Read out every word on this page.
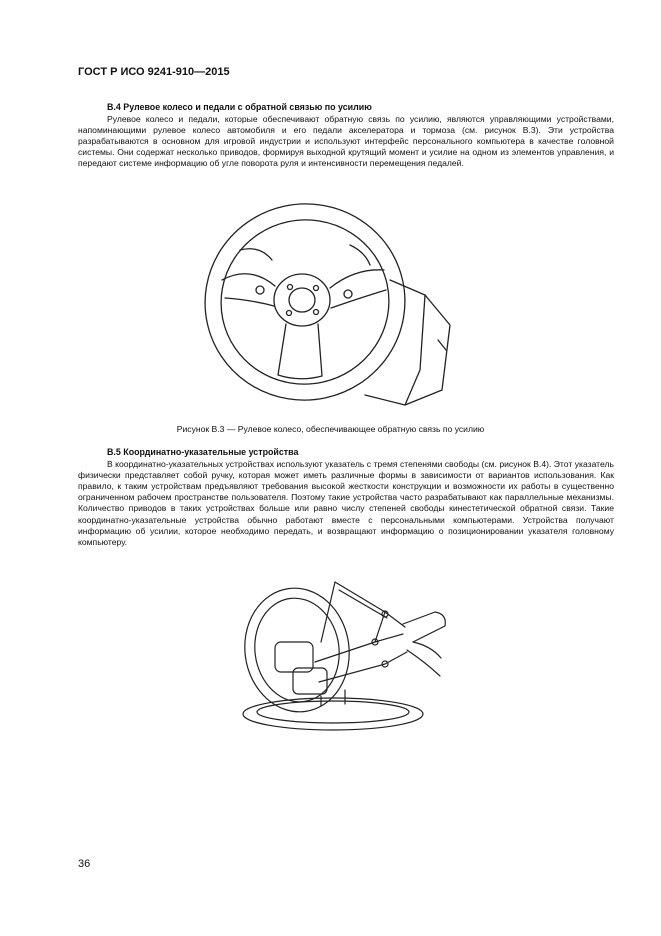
ГОСТ Р ИСО 9241-910—2015
В.4 Рулевое колесо и педали с обратной связью по усилию

Рулевое колесо и педали, которые обеспечивают обратную связь по усилию, являются управляющими устройствами, напоминающими рулевое колесо автомобиля и его педали акселератора и тормоза (см. рисунок В.3). Эти устройства разрабатываются в основном для игровой индустрии и используют интерфейс персонального компьютера в качестве головной системы. Они содержат несколько приводов, формируя выходной крутящий момент и усилие на одном из элементов управления, и передают системе информацию об угле поворота руля и интенсивности перемещения педалей.

Рисунок В.3 — Рулевое колесо, обеспечивающее обратную связь по усилию
В.5 Координатно-указательные устройства

В координатно-указательных устройствах используют указатель с тремя степенями свободы (см. рисунок В.4). Этот указатель физически представляет собой ручку, которая может иметь различные формы в зависимости от вариантов использования. Как правило, к таким устройствам предъявляют требования высокой жесткости конструкции и возможности их работы в существенно ограниченном рабочем пространстве пользователя. Поэтому такие устройства часто разрабатывают как параллельные механизмы. Количество приводов в таких устройствах больше или равно числу степеней свободы кинестетической обратной связи. Такие координатно-указательные устройства обычно работают вместе с персональными компьютерами. Устройства получают информацию об усилии, которое необходимо передать, и возвращают информацию о позиционировании указателя головному компьютеру.

36
